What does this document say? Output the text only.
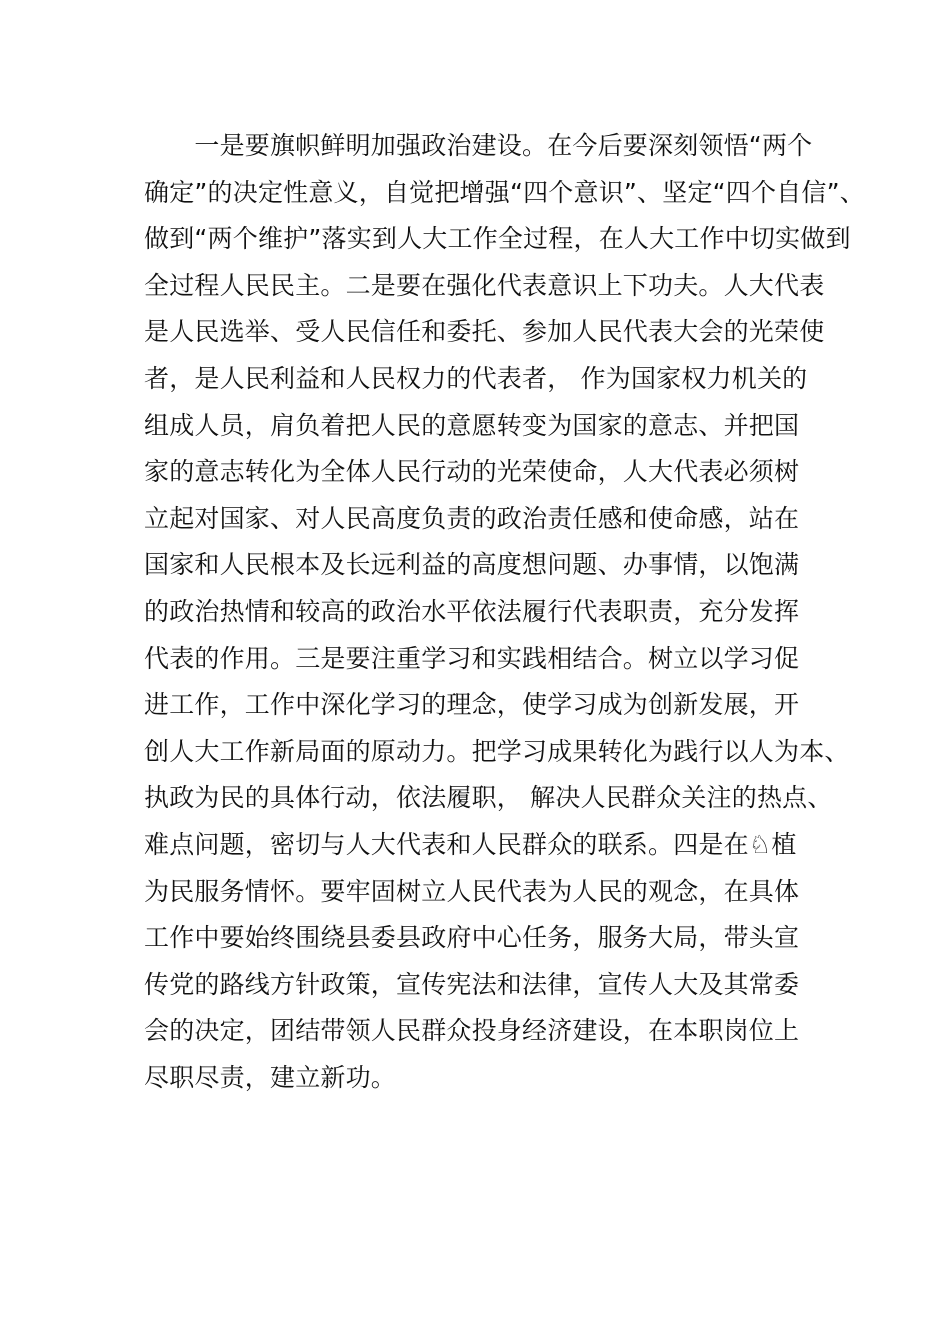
　　一是要旗帜鲜明加强政治建设。在今后要深刻领悟“两个
确定”的决定性意义，自觉把增强“四个意识”、坚定“四个自信”、
做到“两个维护”落实到人大工作全过程，在人大工作中切实做到
全过程人民民主。二是要在强化代表意识上下功夫。人大代表
是人民选举、受人民信任和委托、参加人民代表大会的光荣使
者，是人民利益和人民权力的代表者， 作为国家权力机关的
组成人员，肩负着把人民的意愿转变为国家的意志、并把国
家的意志转化为全体人民行动的光荣使命，人大代表必须树
立起对国家、对人民高度负责的政治责任感和使命感，站在
国家和人民根本及长远利益的高度想问题、办事情，以饱满
的政治热情和较高的政治水平依法履行代表职责，充分发挥
代表的作用。三是要注重学习和实践相结合。树立以学习促
进工作，工作中深化学习的理念，使学习成为创新发展，开
创人大工作新局面的原动力。把学习成果转化为践行以人为本、
执政为民的具体行动，依法履职， 解决人民群众关注的热点、
难点问题，密切与人大代表和人民群众的联系。四是在♘植
为民服务情怀。要牢固树立人民代表为人民的观念，在具体
工作中要始终围绕县委县政府中心任务，服务大局，带头宣
传党的路线方针政策，宣传宪法和法律，宣传人大及其常委
会的决定，团结带领人民群众投身经济建设，在本职岗位上
尽职尽责，建立新功。
